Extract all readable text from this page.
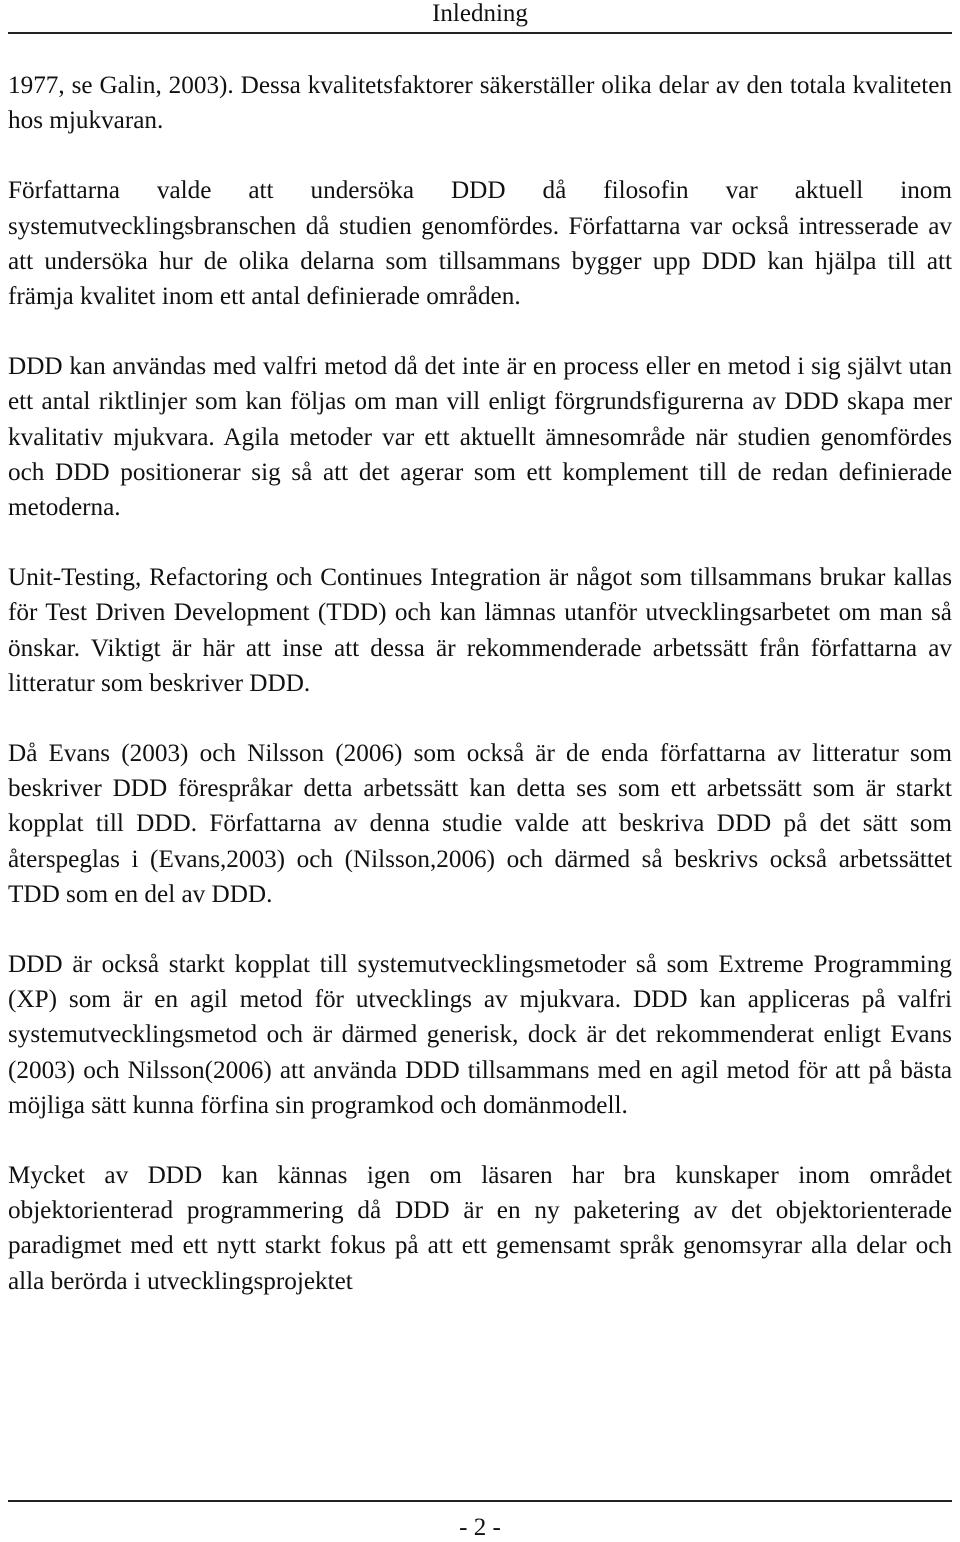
Inledning

1977, se Galin, 2003). Dessa kvalitetsfaktorer säkerställer olika delar av den totala kvaliteten hos mjukvaran.

Författarna valde att undersöka DDD då filosofin var aktuell inom systemutvecklingsbranschen då studien genomfördes. Författarna var också intresserade av att undersöka hur de olika delarna som tillsammans bygger upp DDD kan hjälpa till att främja kvalitet inom ett antal definierade områden.

DDD kan användas med valfri metod då det inte är en process eller en metod i sig självt utan ett antal riktlinjer som kan följas om man vill enligt förgrundsfigurerna av DDD skapa mer kvalitativ mjukvara. Agila metoder var ett aktuellt ämnesområde när studien genomfördes och DDD positionerar sig så att det agerar som ett komplement till de redan definierade metoderna.

Unit-Testing, Refactoring och Continues Integration är något som tillsammans brukar kallas för Test Driven Development (TDD) och kan lämnas utanför utvecklingsarbetet om man så önskar. Viktigt är här att inse att dessa är rekommenderade arbetssätt från författarna av litteratur som beskriver DDD.

Då Evans (2003) och Nilsson (2006) som också är de enda författarna av litteratur som beskriver DDD förespråkar detta arbetssätt kan detta ses som ett arbetssätt som är starkt kopplat till DDD. Författarna av denna studie valde att beskriva DDD på det sätt som återspeglas i (Evans,2003) och (Nilsson,2006) och därmed så beskrivs också arbetssättet TDD som en del av DDD.

DDD är också starkt kopplat till systemutvecklingsmetoder så som Extreme Programming (XP) som är en agil metod för utvecklings av mjukvara. DDD kan appliceras på valfri systemutvecklingsmetod och är därmed generisk, dock är det rekommenderat enligt Evans (2003) och Nilsson(2006) att använda DDD tillsammans med en agil metod för att på bästa möjliga sätt kunna förfina sin programkod och domänmodell.

Mycket av DDD kan kännas igen om läsaren har bra kunskaper inom området objektorienterad programmering då DDD är en ny paketering av det objektorienterade paradigmet med ett nytt starkt fokus på att ett gemensamt språk genomsyrar alla delar och alla berörda i utvecklingsprojektet

- 2 -
